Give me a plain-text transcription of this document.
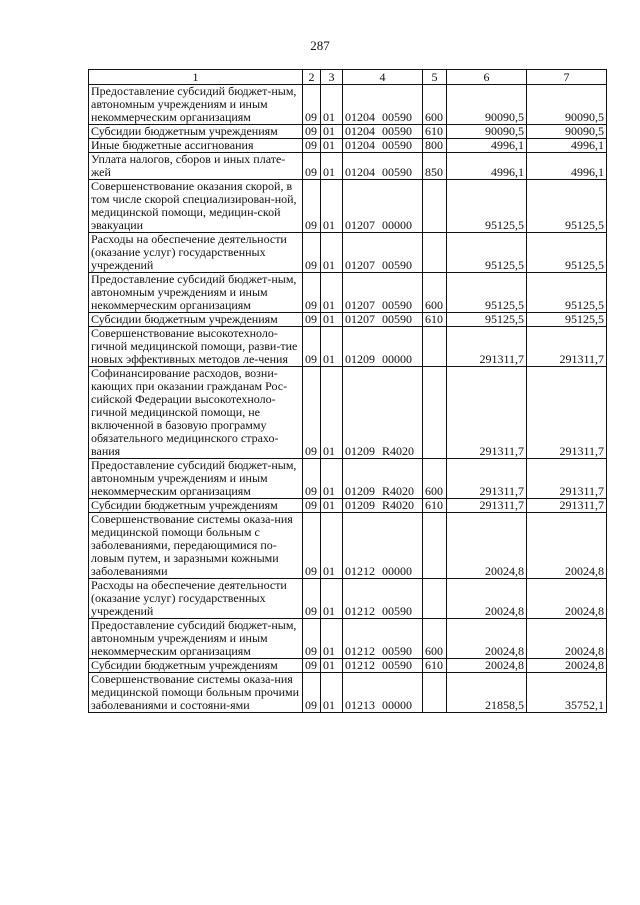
287
1	2	3	4	5	6	7
Предоставление субсидий бюджет-ным, автономным учреждениям и иным некоммерческим организациям	09	01	01204 00590	600	90090,5	90090,5
Субсидии бюджетным учреждениям	09	01	01204 00590	610	90090,5	90090,5
Иные бюджетные ассигнования	09	01	01204 00590	800	4996,1	4996,1
Уплата налогов, сборов и иных плате-жей	09	01	01204 00590	850	4996,1	4996,1
Совершенствование оказания скорой, в том числе скорой специализирован-ной, медицинской помощи, медицин-ской эвакуации	09	01	01207 00000		95125,5	95125,5
Расходы на обеспечение деятельности (оказание услуг) государственных учреждений	09	01	01207 00590		95125,5	95125,5
Предоставление субсидий бюджет-ным, автономным учреждениям и иным некоммерческим организациям	09	01	01207 00590	600	95125,5	95125,5
Субсидии бюджетным учреждениям	09	01	01207 00590	610	95125,5	95125,5
Совершенствование высокотехноло-гичной медицинской помощи, разви-тие новых эффективных методов ле-чения	09	01	01209 00000		291311,7	291311,7
Софинансирование расходов, возни-кающих при оказании гражданам Рос-сийской Федерации высокотехноло-гичной медицинской помощи, не включенной в базовую программу обязательного медицинского страхо-вания	09	01	01209 R4020		291311,7	291311,7
Предоставление субсидий бюджет-ным, автономным учреждениям и иным некоммерческим организациям	09	01	01209 R4020	600	291311,7	291311,7
Субсидии бюджетным учреждениям	09	01	01209 R4020	610	291311,7	291311,7
Совершенствование системы оказа-ния медицинской помощи больным с заболеваниями, передающимися по-ловым путем, и заразными кожными заболеваниями	09	01	01212 00000		20024,8	20024,8
Расходы на обеспечение деятельности (оказание услуг) государственных учреждений	09	01	01212 00590		20024,8	20024,8
Предоставление субсидий бюджет-ным, автономным учреждениям и иным некоммерческим организациям	09	01	01212 00590	600	20024,8	20024,8
Субсидии бюджетным учреждениям	09	01	01212 00590	610	20024,8	20024,8
Совершенствование системы оказа-ния медицинской помощи больным прочими заболеваниями и состояни-ями	09	01	01213 00000		21858,5	35752,1
